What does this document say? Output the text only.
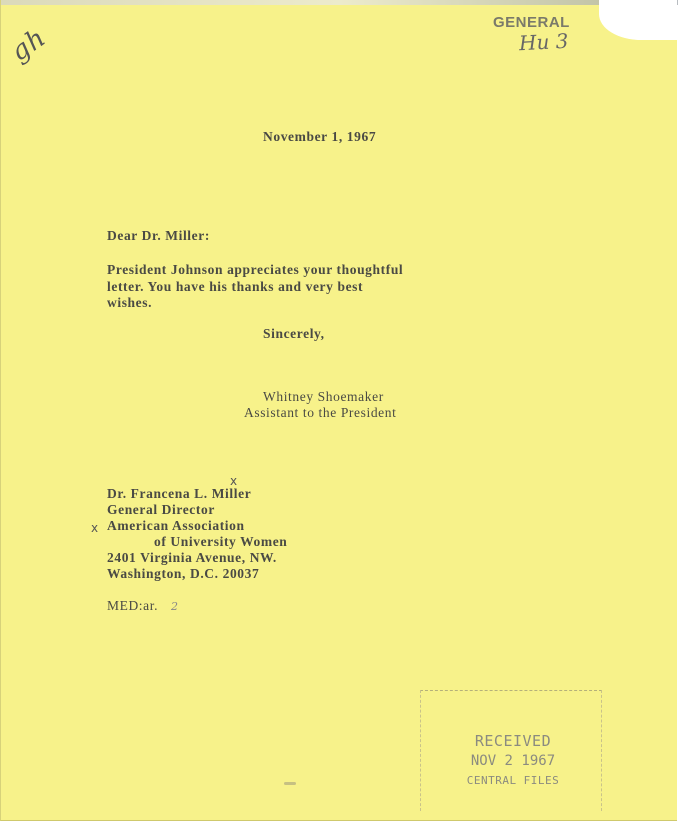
gh
GENERAL
Hu 3
November 1, 1967
Dear Dr. Miller:
President Johnson appreciates your thoughtful
letter. You have his thanks and very best
wishes.
Sincerely,
Whitney Shoemaker
Assistant to the President
x
Dr. Francena L. Miller
General Director
x American Association
of University Women
2401 Virginia Avenue, NW.
Washington, D.C. 20037
MED:ar. 2
RECEIVED
NOV 2 1967
CENTRAL FILES
